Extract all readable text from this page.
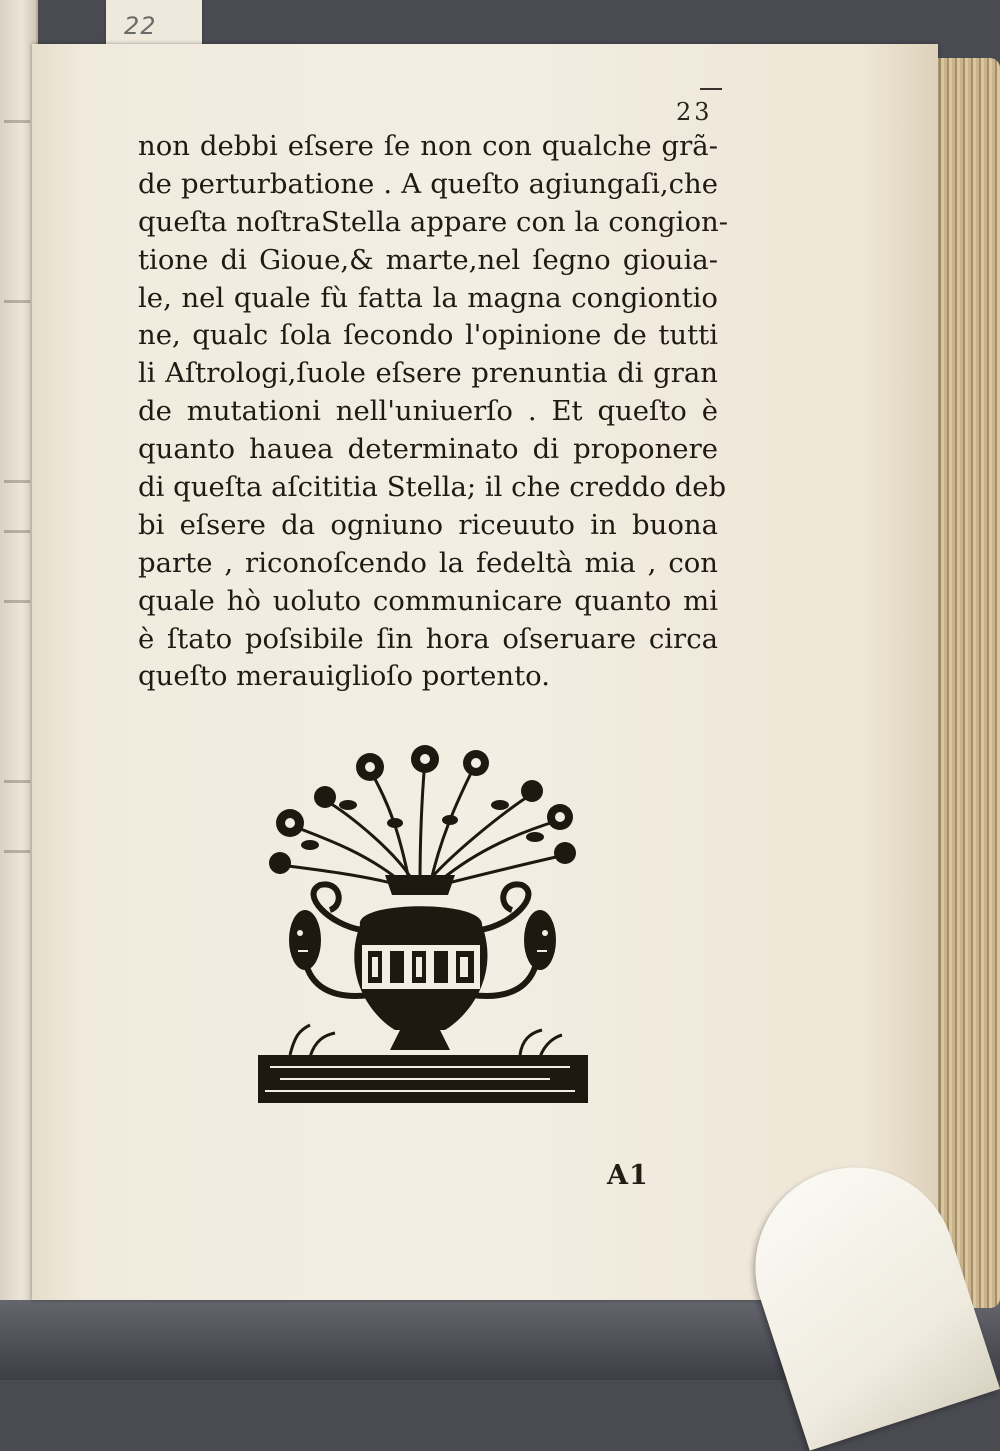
22
23
non debbi eſsere ſe non con qualche grã-
de perturbatione . A queſto agiungaſi,che
queſta noſtraStella appare con la congion-
tione di Gioue,& marte,nel ſegno giouia-
le, nel quale fù fatta la magna congiontio
ne, qualc ſola ſecondo l'opinione de tutti
li Aſtrologi,ſuole eſsere prenuntia di gran
de mutationi nell'uniuerſo . Et queſto è
quanto hauea determinato di proponere
di queſta aſcititia Stella; il che creddo deb
bi eſsere da ogniuno riceuuto in buona
parte , riconoſcendo la fedeltà mia , con
quale hò uoluto communicare quanto mi
è ſtato poſsibile ſin hora oſseruare circa
queſto merauiglioſo portento.
A1
